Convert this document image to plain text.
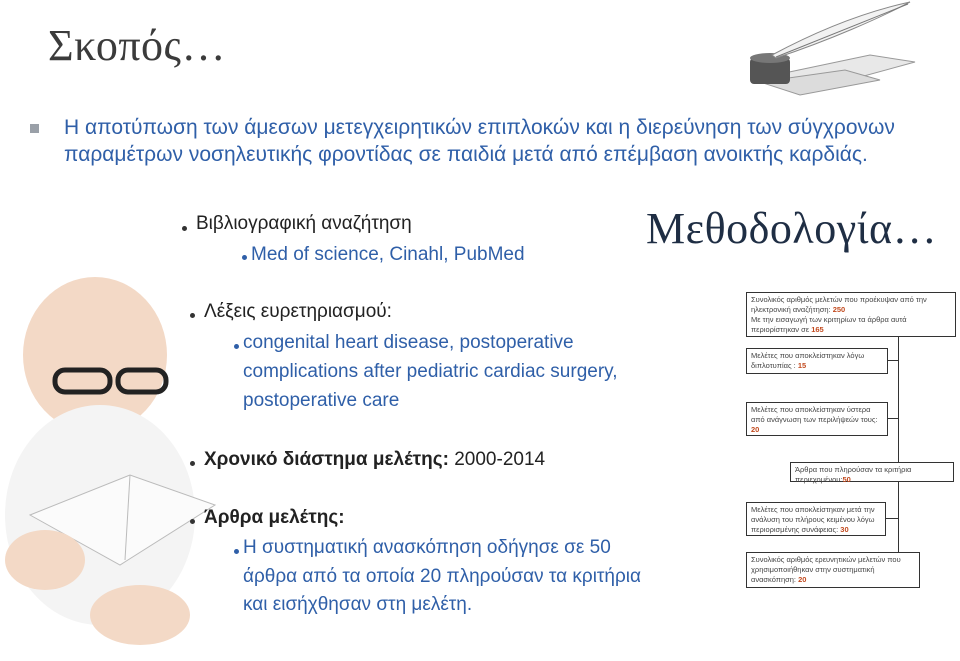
Σκοπός…
Η αποτύπωση των άμεσων μετεγχειρητικών επιπλοκών και η διερεύνηση των σύγχρονων παραμέτρων νοσηλευτικής φροντίδας σε παιδιά μετά από επέμβαση ανοικτής καρδιάς.
Μεθοδολογία…
Βιβλιογραφική αναζήτηση
Med of science, Cinahl, PubMed
Λέξεις ευρετηριασμού:
congenital heart disease, postoperative
complications after pediatric cardiac surgery,
postoperative care
Χρονικό διάστημα μελέτης: 2000-2014
Άρθρα μελέτης:
Η συστηματική ανασκόπηση οδήγησε σε 50
άρθρα από τα οποία 20 πληρούσαν τα κριτήρια
και εισήχθησαν στη μελέτη.
Συνολικός αριθμός μελετών που προέκυψαν από την ηλεκτρονική αναζήτηση: 250
Με την εισαγωγή των κριτηρίων τα άρθρα αυτά περιορίστηκαν σε 165
Μελέτες που αποκλείστηκαν λόγω διπλοτυπίας : 15
Μελέτες που αποκλείστηκαν ύστερα από ανάγνωση των περιλήψεών τους: 20
Άρθρα που πληρούσαν τα κριτήρια περιεχομένου:50
Μελέτες που αποκλείστηκαν μετά την ανάλυση του πλήρους κειμένου λόγω περιορισμένης συνάφειας: 30
Συνολικός αριθμός ερευνητικών μελετών που χρησιμοποιήθηκαν στην συστηματική ανασκόπηση: 20
